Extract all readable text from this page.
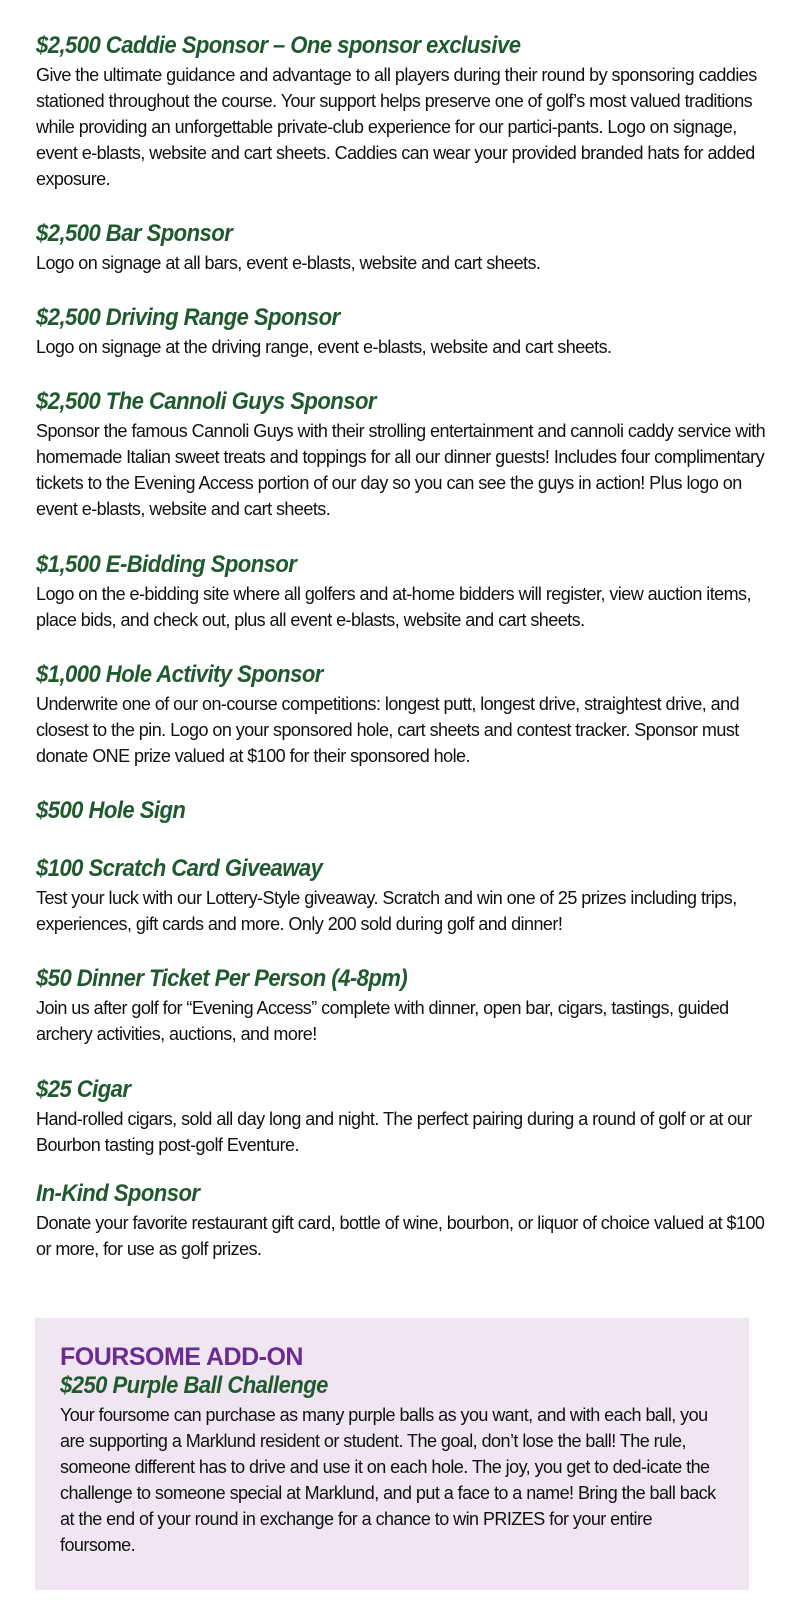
$2,500 Caddie Sponsor – One sponsor exclusive
Give the ultimate guidance and advantage to all players during their round by sponsoring caddies stationed throughout the course. Your support helps preserve one of golf’s most valued traditions while providing an unforgettable private-club experience for our partici-pants. Logo on signage, event e-blasts, website and cart sheets. Caddies can wear your provided branded hats for added exposure.
$2,500 Bar Sponsor
Logo on signage at all bars, event e-blasts, website and cart sheets.
$2,500 Driving Range Sponsor
Logo on signage at the driving range, event e-blasts, website and cart sheets.
$2,500 The Cannoli Guys Sponsor
Sponsor the famous Cannoli Guys with their strolling entertainment and cannoli caddy service with homemade Italian sweet treats and toppings for all our dinner guests! Includes four complimentary tickets to the Evening Access portion of our day so you can see the guys in action! Plus logo on event e-blasts, website and cart sheets.
$1,500 E-Bidding Sponsor
Logo on the e-bidding site where all golfers and at-home bidders will register, view auction items, place bids, and check out, plus all event e-blasts, website and cart sheets.
$1,000 Hole Activity Sponsor
Underwrite one of our on-course competitions: longest putt, longest drive, straightest drive, and closest to the pin. Logo on your sponsored hole, cart sheets and contest tracker. Sponsor must donate ONE prize valued at $100 for their sponsored hole.
$500 Hole Sign
$100 Scratch Card Giveaway
Test your luck with our Lottery-Style giveaway. Scratch and win one of 25 prizes including trips, experiences, gift cards and more. Only 200 sold during golf and dinner!
$50 Dinner Ticket Per Person (4-8pm)
Join us after golf for “Evening Access” complete with dinner, open bar, cigars, tastings, guided archery activities, auctions, and more!
$25 Cigar
Hand-rolled cigars, sold all day long and night. The perfect pairing during a round of golf or at our Bourbon tasting post-golf Eventure.
In-Kind Sponsor
Donate your favorite restaurant gift card, bottle of wine, bourbon, or liquor of choice valued at $100 or more, for use as golf prizes.
FOURSOME ADD-ON
$250 Purple Ball Challenge
Your foursome can purchase as many purple balls as you want, and with each ball, you are supporting a Marklund resident or student. The goal, don’t lose the ball! The rule, someone different has to drive and use it on each hole. The joy, you get to ded-icate the challenge to someone special at Marklund, and put a face to a name! Bring the ball back at the end of your round in exchange for a chance to win PRIZES for your entire foursome.
